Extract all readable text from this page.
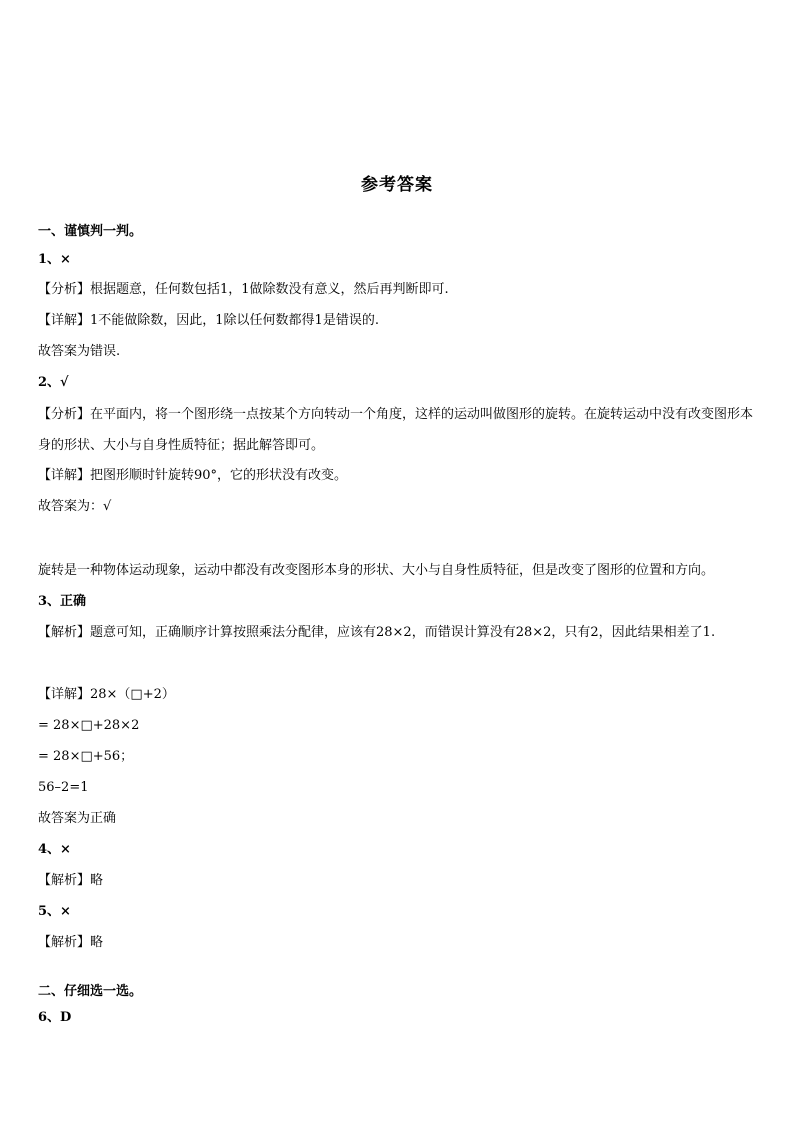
参考答案
一、谨慎判一判。
1、×
【分析】根据题意，任何数包括1，1做除数没有意义，然后再判断即可.
【详解】1不能做除数，因此，1除以任何数都得1是错误的.
故答案为错误.
2、√
【分析】在平面内，将一个图形绕一点按某个方向转动一个角度，这样的运动叫做图形的旋转。在旋转运动中没有改变图形本身的形状、大小与自身性质特征；据此解答即可。
【详解】把图形顺时针旋转90°，它的形状没有改变。
故答案为：√
旋转是一种物体运动现象，运动中都没有改变图形本身的形状、大小与自身性质特征，但是改变了图形的位置和方向。
3、正确
【解析】题意可知，正确顺序计算按照乘法分配律，应该有28×2，而错误计算没有28×2，只有2，因此结果相差了1.
【详解】28×（□+2）
= 28×□+28×2
= 28×□+56；
56–2=1
故答案为正确
4、×
【解析】略
5、×
【解析】略
二、仔细选一选。
6、D
